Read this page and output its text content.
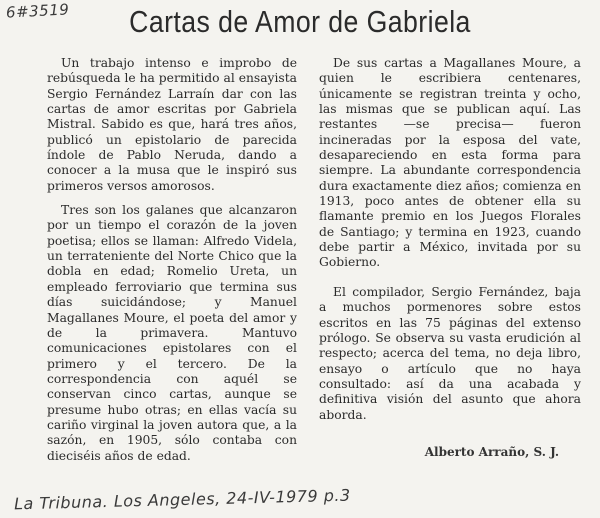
6#3519	Cartas de Amor de Gabriela

Un trabajo intenso e improbo de rebúsqueda le ha permitido al ensayista Sergio Fernández Larraín dar con las cartas de amor escritas por Gabriela Mistral. Sabido es que, hará tres años, publicó un epistolario de parecida índole de Pablo Neruda, dando a conocer a la musa que le inspiró sus primeros versos amorosos.

Tres son los galanes que alcanzaron por un tiempo el corazón de la joven poetisa; ellos se llaman: Alfredo Videla, un terrateniente del Norte Chico que la dobla en edad; Romelio Ureta, un empleado ferroviario que termina sus días suicidándose; y Manuel Magallanes Moure, el poeta del amor y de la primavera. Mantuvo comunicaciones epistolares con el primero y el tercero. De la correspondencia con aquél se conservan cinco cartas, aunque se presume hubo otras; en ellas vacía su cariño virginal la joven autora que, a la sazón, en 1905, sólo contaba con dieciséis años de edad.

De sus cartas a Magallanes Moure, a quien le escribiera centenares, únicamente se registran treinta y ocho, las mismas que se publican aquí. Las restantes —se precisa— fueron incineradas por la esposa del vate, desapareciendo en esta forma para siempre. La abundante correspondencia dura exactamente diez años; comienza en 1913, poco antes de obtener ella su flamante premio en los Juegos Florales de Santiago; y termina en 1923, cuando debe partir a México, invitada por su Gobierno.

El compilador, Sergio Fernández, baja a muchos pormenores sobre estos escritos en las 75 páginas del extenso prólogo. Se observa su vasta erudición al respecto; acerca del tema, no deja libro, ensayo o artículo que no haya consultado: así da una acabada y definitiva visión del asunto que ahora aborda.

Alberto Arraño, S. J.
La Tribuna. Los Angeles, 24-IV-1979 p.3
